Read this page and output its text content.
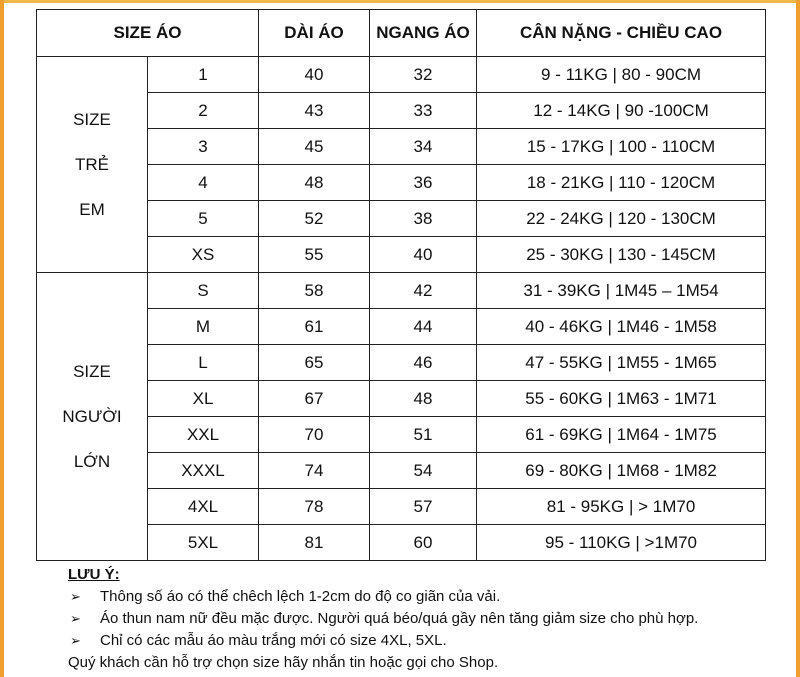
SIZE ÁO		DÀI ÁO	NGANG ÁO	CÂN NẶNG - CHIỀU CAO

SIZE
TRẺ
EM	1	40	32	9 - 11KG | 80 - 90CM
	2	43	33	12 - 14KG | 90 -100CM
	3	45	34	15 - 17KG | 100 - 110CM
	4	48	36	18 - 21KG | 110 - 120CM
	5	52	38	22 - 24KG | 120 - 130CM
	XS	55	40	25 - 30KG | 130 - 145CM

SIZE
NGƯỜI
LỚN	S	58	42	31 - 39KG | 1M45 – 1M54
	M	61	44	40 - 46KG | 1M46 - 1M58
	L	65	46	47 - 55KG | 1M55 - 1M65
	XL	67	48	55 - 60KG | 1M63 - 1M71
	XXL	70	51	61 - 69KG | 1M64 - 1M75
	XXXL	74	54	69 - 80KG | 1M68 - 1M82
	4XL	78	57	81 - 95KG | > 1M70
	5XL	81	60	95 - 110KG | >1M70
LƯU Ý:
➢	Thông số áo có thể chêch lệch 1-2cm do độ co giãn của vải.
➢	Áo thun nam nữ đều mặc được. Người quá béo/quá gầy nên tăng giảm size cho phù hợp.
➢	Chỉ có các mẫu áo màu trắng mới có size 4XL, 5XL.
Quý khách cần hỗ trợ chọn size hãy nhắn tin hoặc gọi cho Shop.
